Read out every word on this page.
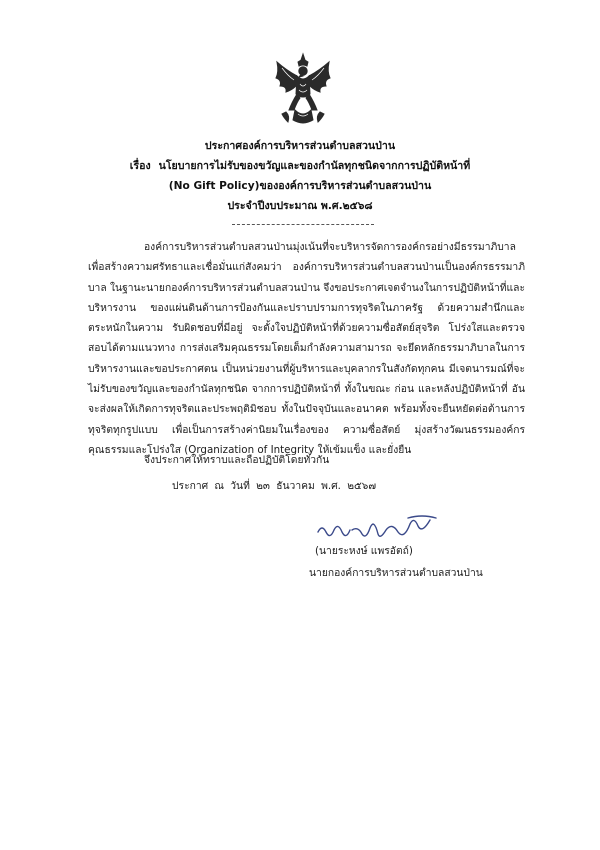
ประกาศองค์การบริหารส่วนตำบลสวนป่าน
เรื่อง นโยบายการไม่รับของขวัญและของกำนัลทุกชนิดจากการปฏิบัติหน้าที่
(No Gift Policy)ขององค์การบริหารส่วนตำบลสวนป่าน
ประจำปีงบประมาณ พ.ศ.๒๕๖๘

องค์การบริหารส่วนตำบลสวนป่านมุ่งเน้นที่จะบริหารจัดการองค์กรอย่างมีธรรมาภิบาล เพื่อสร้างความศรัทธาและเชื่อมั่นแก่สังคมว่า องค์การบริหารส่วนตำบลสวนป่านเป็นองค์กรธรรมาภิบาล ในฐานะนายกองค์การบริหารส่วนตำบลสวนป่าน จึงขอประกาศเจตจำนงในการปฏิบัติหน้าที่และบริหารงาน ของแผ่นดินด้านการป้องกันและปราบปรามการทุจริตในภาครัฐ ด้วยความสำนึกและตระหนักในความ รับผิดชอบที่มีอยู่ จะตั้งใจปฏิบัติหน้าที่ด้วยความซื่อสัตย์สุจริต โปร่งใสและตรวจสอบได้ตามแนวทาง การส่งเสริมคุณธรรมโดยเต็มกำลังความสามารถ จะยึดหลักธรรมาภิบาลในการบริหารงานและขอประกาศตน เป็นหน่วยงานที่ผู้บริหารและบุคลากรในสังกัดทุกคน มีเจตนารมณ์ที่จะไม่รับของขวัญและของกำนัลทุกชนิด จากการปฏิบัติหน้าที่ ทั้งในขณะ ก่อน และหลังปฏิบัติหน้าที่ อันจะส่งผลให้เกิดการทุจริตและประพฤติมิชอบ ทั้งในปัจจุบันและอนาคต พร้อมทั้งจะยืนหยัดต่อต้านการทุจริตทุกรูปแบบ เพื่อเป็นการสร้างค่านิยมในเรื่องของ ความซื่อสัตย์ มุ่งสร้างวัฒนธรรมองค์กรคุณธรรมและโปร่งใส (Organization of Integrity ให้เข้มแข็ง และยั่งยืน

จึงประกาศให้ทราบและถือปฏิบัติโดยทั่วกัน
ประกาศ ณ วันที่ ๒๓ ธันวาคม พ.ศ. ๒๕๖๗
(นายระหงษ์ แพรอัตถ์)
นายกองค์การบริหารส่วนตำบลสวนป่าน
